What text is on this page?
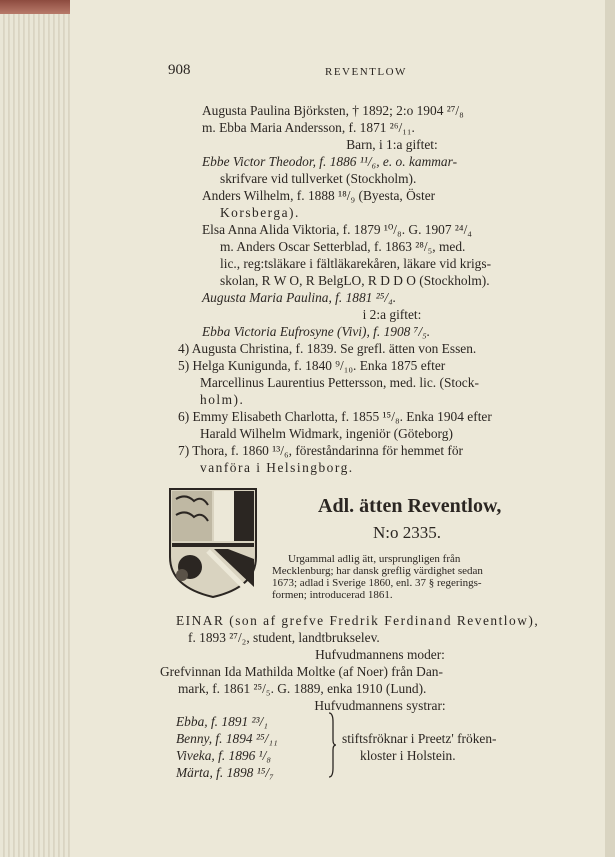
908	REVENTLOW
Augusta Paulina Björksten, † 1892; 2:o 1904 ²⁷/₈
m. Ebba Maria Andersson, f. 1871 ²⁶/₁₁.
Barn, i 1:a giftet:
Ebbe Victor Theodor, f. 1886 ¹¹/₆, e. o. kammar-
skrifvare vid tullverket (Stockholm).
Anders Wilhelm, f. 1888 ¹⁸/₉ (Byesta, Öster
Korsberga).
Elsa Anna Alida Viktoria, f. 1879 ¹⁰/₈. G. 1907 ²⁴/₄
m. Anders Oscar Setterblad, f. 1863 ²⁸/₅, med.
lic., reg:tsläkare i fältläkarekåren, läkare vid krigs-
skolan, R W O, R BelgLO, R D D O (Stockholm).
Augusta Maria Paulina, f. 1881 ²⁵/₄.
i 2:a giftet:
Ebba Victoria Eufrosyne (Vivi), f. 1908 ⁷/₅.
4) Augusta Christina, f. 1839. Se grefl. ätten von Essen.
5) Helga Kunigunda, f. 1840 ⁹/₁₀. Enka 1875 efter
Marcellinus Laurentius Pettersson, med. lic. (Stock-
holm).
6) Emmy Elisabeth Charlotta, f. 1855 ¹⁵/₈. Enka 1904 efter
Harald Wilhelm Widmark, ingeniör (Göteborg)
7) Thora, f. 1860 ¹³/₆, föreståndarinna för hemmet för
vanföra i Helsingborg.
Adl. ätten Reventlow,
N:o 2335.
Urgammal adlig ätt, ursprungligen från
Mecklenburg; har dansk greflig värdighet sedan
1673; adlad i Sverige 1860, enl. 37 § regerings-
formen; introducerad 1861.
EINAR (son af grefve Fredrik Ferdinand Reventlow),
f. 1893 ²⁷/₂, student, landtbrukselev.
Hufvudmannens moder:
Grefvinnan Ida Mathilda Moltke (af Noer) från Dan-
mark, f. 1861 ²⁵/₅. G. 1889, enka 1910 (Lund).
Hufvudmannens systrar:
Ebba, f. 1891 ²³/₁
Benny, f. 1894 ²⁵/₁₁
Viveka, f. 1896 ¹/₈
Märta, f. 1898 ¹⁵/₇
stiftsfröknar i Preetz' fröken-
kloster i Holstein.
